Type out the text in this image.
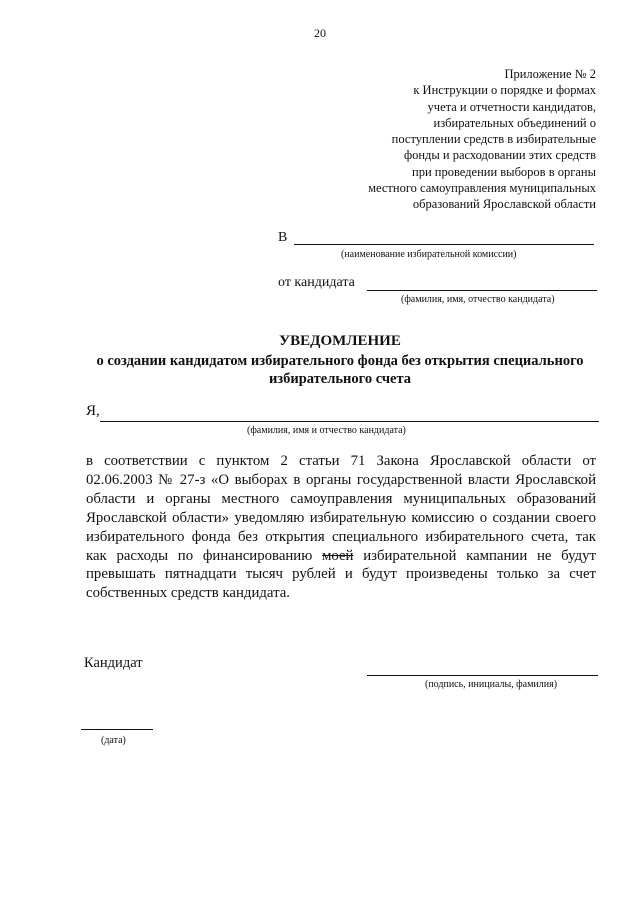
20
Приложение № 2
к Инструкции о порядке и формах
учета и отчетности кандидатов,
избирательных объединений о
поступлении средств в избирательные
фонды и расходовании этих средств
при проведении выборов в органы
местного самоуправления муниципальных
образований Ярославской области
В
(наименование избирательной комиссии)
от кандидата
(фамилия, имя, отчество кандидата)
УВЕДОМЛЕНИЕ
о создании кандидатом избирательного фонда без открытия специального
избирательного счета
Я,
(фамилия, имя и отчество кандидата)
в соответствии с пунктом 2 статьи 71 Закона Ярославской области от
02.06.2003 № 27-з «О выборах в органы государственной власти Ярославской
области и органы местного самоуправления муниципальных образований
Ярославской области» уведомляю избирательную комиссию о создании своего
избирательного фонда без открытия специального избирательного счета, так
как расходы по финансированию моей избирательной кампании не будут
превышать пятнадцати тысяч рублей и будут произведены только за счет
собственных средств кандидата.
Кандидат
(подпись, инициалы, фамилия)
(дата)
